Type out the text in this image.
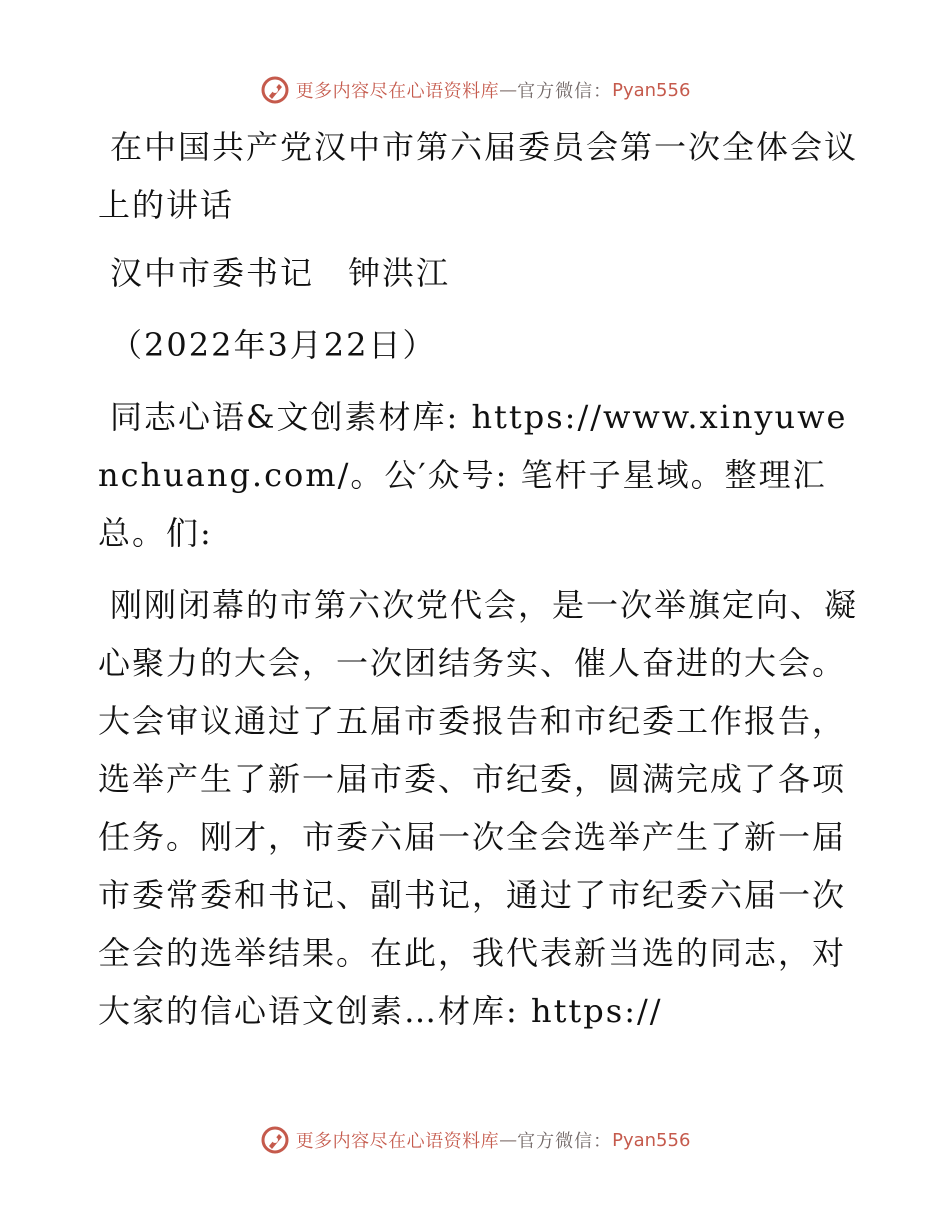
更多内容尽在心语资料库 — 官方微信： Pyan556

在中国共产党汉中市第六届委员会第一次全体会议上的讲话

汉中市委书记　钟洪江

（2022年3月22日）

同志心语&文创素材库: https://www.xinyuwenchuang.com/。公′众号: 笔杆子星域。整理汇总。们:

刚刚闭幕的市第六次党代会，是一次举旗定向、凝心聚力的大会，一次团结务实、催人奋进的大会。大会审议通过了五届市委报告和市纪委工作报告，选举产生了新一届市委、市纪委，圆满完成了各项任务。刚才，市委六届一次全会选举产生了新一届市委常委和书记、副书记，通过了市纪委六届一次全会的选举结果。在此，我代表新当选的同志，对大家的信心语文创素…材库: https://

更多内容尽在心语资料库 — 官方微信： Pyan556
